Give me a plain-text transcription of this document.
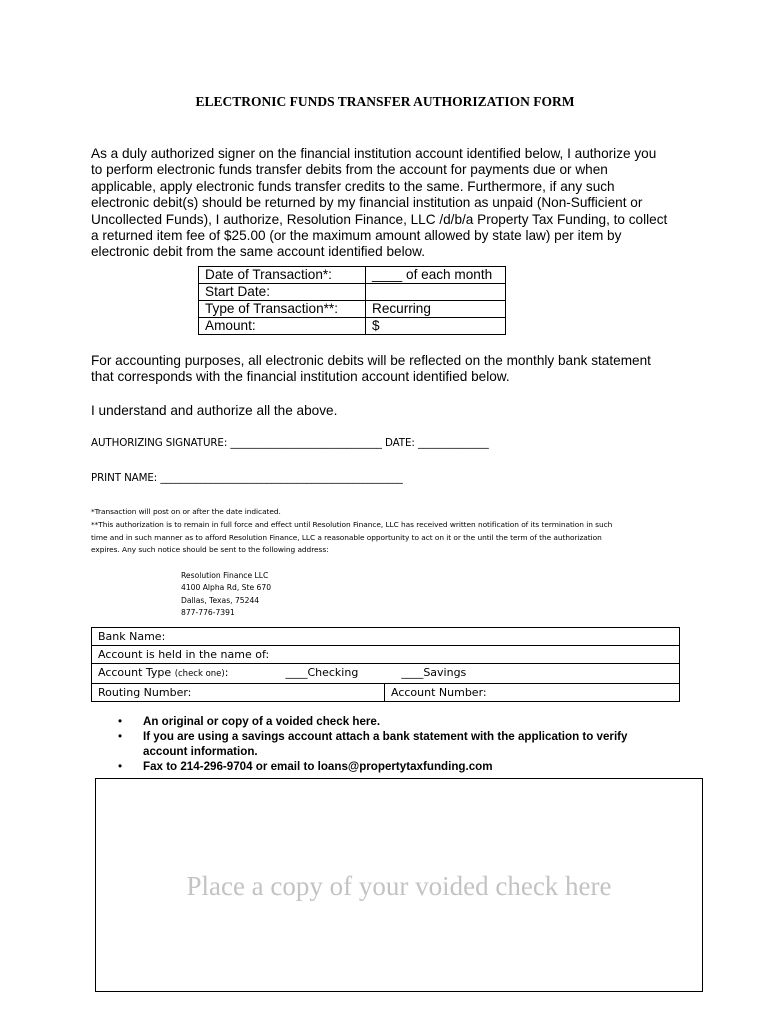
ELECTRONIC FUNDS TRANSFER AUTHORIZATION FORM
As a duly authorized signer on the financial institution account identified below, I authorize you
to perform electronic funds transfer debits from the account for payments due or when
applicable, apply electronic funds transfer credits to the same. Furthermore, if any such
electronic debit(s) should be returned by my financial institution as unpaid (Non-Sufficient or
Uncollected Funds), I authorize, Resolution Finance, LLC /d/b/a Property Tax Funding, to collect
a returned item fee of $25.00 (or the maximum amount allowed by state law) per item by
electronic debit from the same account identified below.
Date of Transaction*:	____ of each month
Start Date:	
Type of Transaction**:	Recurring
Amount:	$
For accounting purposes, all electronic debits will be reflected on the monthly bank statement
that corresponds with the financial institution account identified below.
I understand and authorize all the above.
AUTHORIZING SIGNATURE: ______________________________ DATE: ______________
PRINT NAME: ________________________________________________
*Transaction will post on or after the date indicated.
**This authorization is to remain in full force and effect until Resolution Finance, LLC has received written notification of its termination in such
time and in such manner as to afford Resolution Finance, LLC a reasonable opportunity to act on it or the until the term of the authorization
expires. Any such notice should be sent to the following address:
Resolution Finance LLC
4100 Alpha Rd, Ste 670
Dallas, Texas, 75244
877-776-7391
Bank Name:
Account is held in the name of:
Account Type (check one):	____Checking	____Savings
Routing Number:	Account Number:
• An original or copy of a voided check here.
• If you are using a savings account attach a bank statement with the application to verify
account information.
• Fax to 214-296-9704 or email to loans@propertytaxfunding.com
Place a copy of your voided check here
